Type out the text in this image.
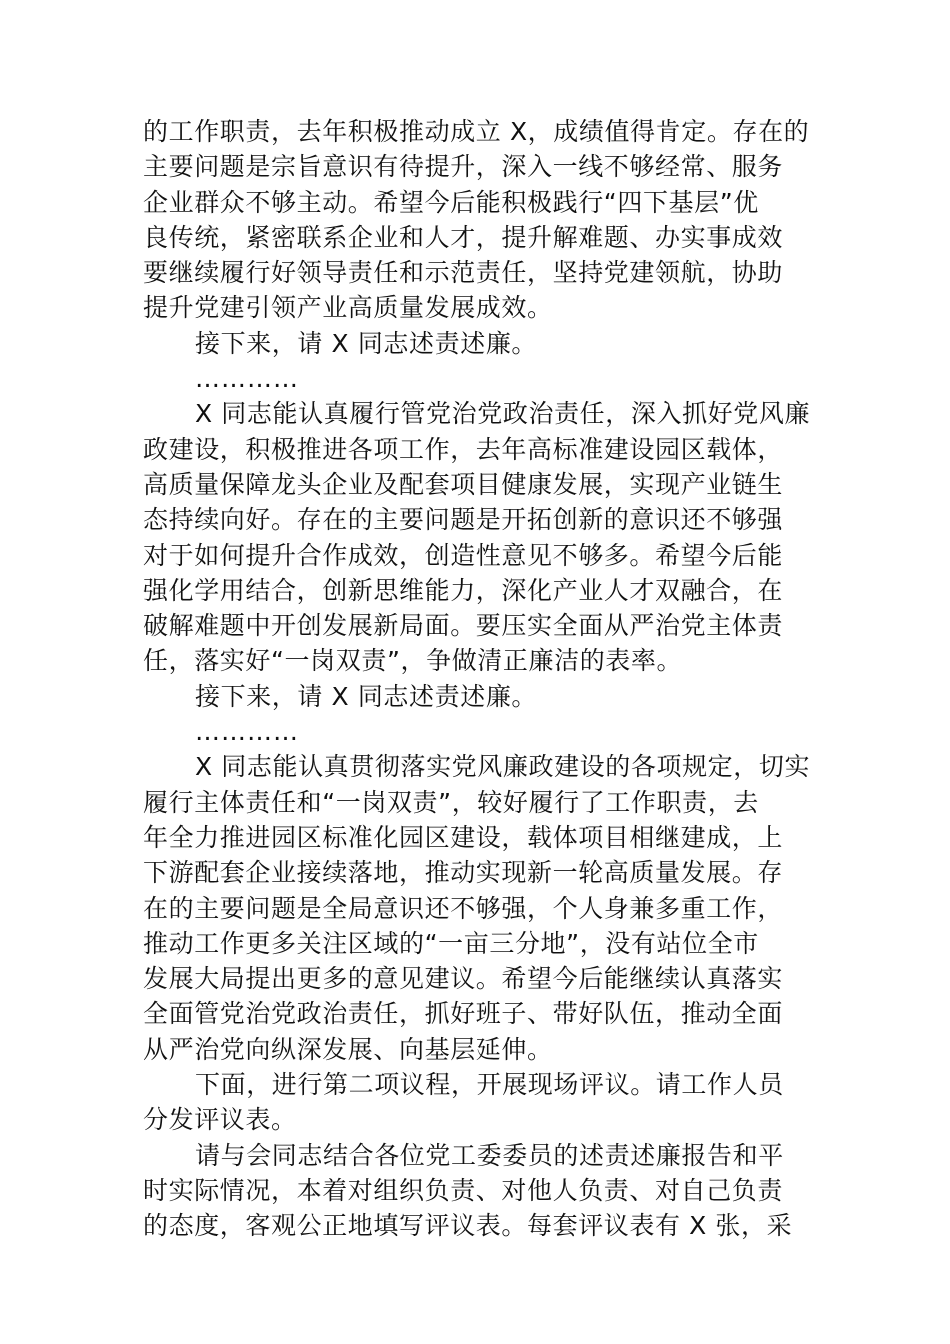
的工作职责，去年积极推动成立 X，成绩值得肯定。存在的
主要问题是宗旨意识有待提升，深入一线不够经常、服务
企业群众不够主动。希望今后能积极践行“四下基层”优
良传统，紧密联系企业和人才，提升解难题、办实事成效
要继续履行好领导责任和示范责任，坚持党建领航，协助
提升党建引领产业高质量发展成效。
接下来，请 X 同志述责述廉。
…………
X 同志能认真履行管党治党政治责任，深入抓好党风廉
政建设，积极推进各项工作，去年高标准建设园区载体，
高质量保障龙头企业及配套项目健康发展，实现产业链生
态持续向好。存在的主要问题是开拓创新的意识还不够强
对于如何提升合作成效，创造性意见不够多。希望今后能
强化学用结合，创新思维能力，深化产业人才双融合，在
破解难题中开创发展新局面。要压实全面从严治党主体责
任，落实好“一岗双责”，争做清正廉洁的表率。
接下来，请 X 同志述责述廉。
…………
X 同志能认真贯彻落实党风廉政建设的各项规定，切实
履行主体责任和“一岗双责”，较好履行了工作职责，去
年全力推进园区标准化园区建设，载体项目相继建成，上
下游配套企业接续落地，推动实现新一轮高质量发展。存
在的主要问题是全局意识还不够强，个人身兼多重工作，
推动工作更多关注区域的“一亩三分地”，没有站位全市
发展大局提出更多的意见建议。希望今后能继续认真落实
全面管党治党政治责任，抓好班子、带好队伍，推动全面
从严治党向纵深发展、向基层延伸。
下面，进行第二项议程，开展现场评议。请工作人员
分发评议表。
请与会同志结合各位党工委委员的述责述廉报告和平
时实际情况，本着对组织负责、对他人负责、对自己负责
的态度，客观公正地填写评议表。每套评议表有 X 张，采
